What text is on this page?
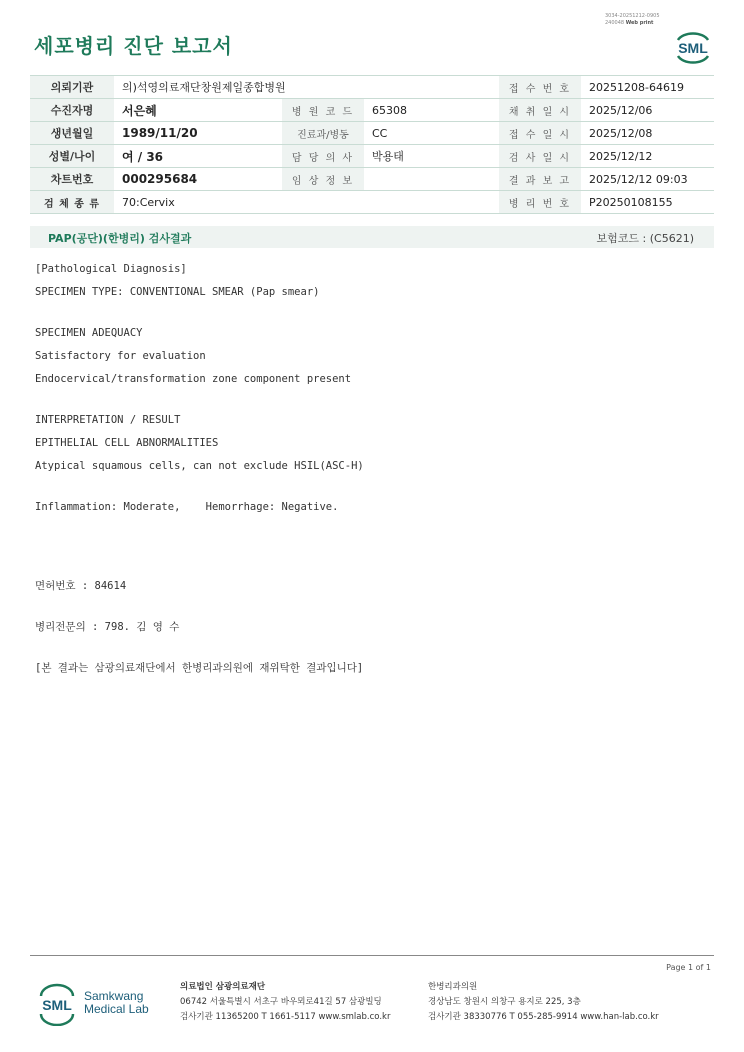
세포병리 진단 보고서
3034-20251212-0905
240048 Web print
SML
의뢰기관	의)석영의료재단창원제일종합병원			접 수 번 호	20251208-64619
수진자명	서은혜	병 원 코 드	65308	채 취 일 시	2025/12/06
생년월일	1989/11/20	진료과/병동	CC	접 수 일 시	2025/12/08
성별/나이	여 / 36	담 당 의 사	박용태	검 사 일 시	2025/12/12
차트번호	000295684	임 상 정 보		결 과 보 고	2025/12/12 09:03
검 체 종 류	70:Cervix			병 리 번 호	P20250108155
PAP(공단)(한병리) 검사결과	보험코드 : (C5621)
[Pathological Diagnosis]
SPECIMEN TYPE: CONVENTIONAL SMEAR (Pap smear)
SPECIMEN ADEQUACY
Satisfactory for evaluation
Endocervical/transformation zone component present
INTERPRETATION / RESULT
EPITHELIAL CELL ABNORMALITIES
Atypical squamous cells, can not exclude HSIL(ASC-H)
Inflammation: Moderate,    Hemorrhage: Negative.
면허번호 : 84614
병리전문의 : 798. 김 영 수
[본 결과는 삼광의료재단에서 한병리과의원에 재위탁한 결과입니다]
Page 1 of 1
SML
Samkwang
Medical Lab
의료법인 삼광의료재단
06742 서울특별시 서초구 바우뫼로41길 57 삼광빌딩
검사기관 11365200 T 1661-5117 www.smlab.co.kr
한병리과의원
경상남도 창원시 의창구 용지로 225, 3층
검사기관 38330776 T 055-285-9914 www.han-lab.co.kr
